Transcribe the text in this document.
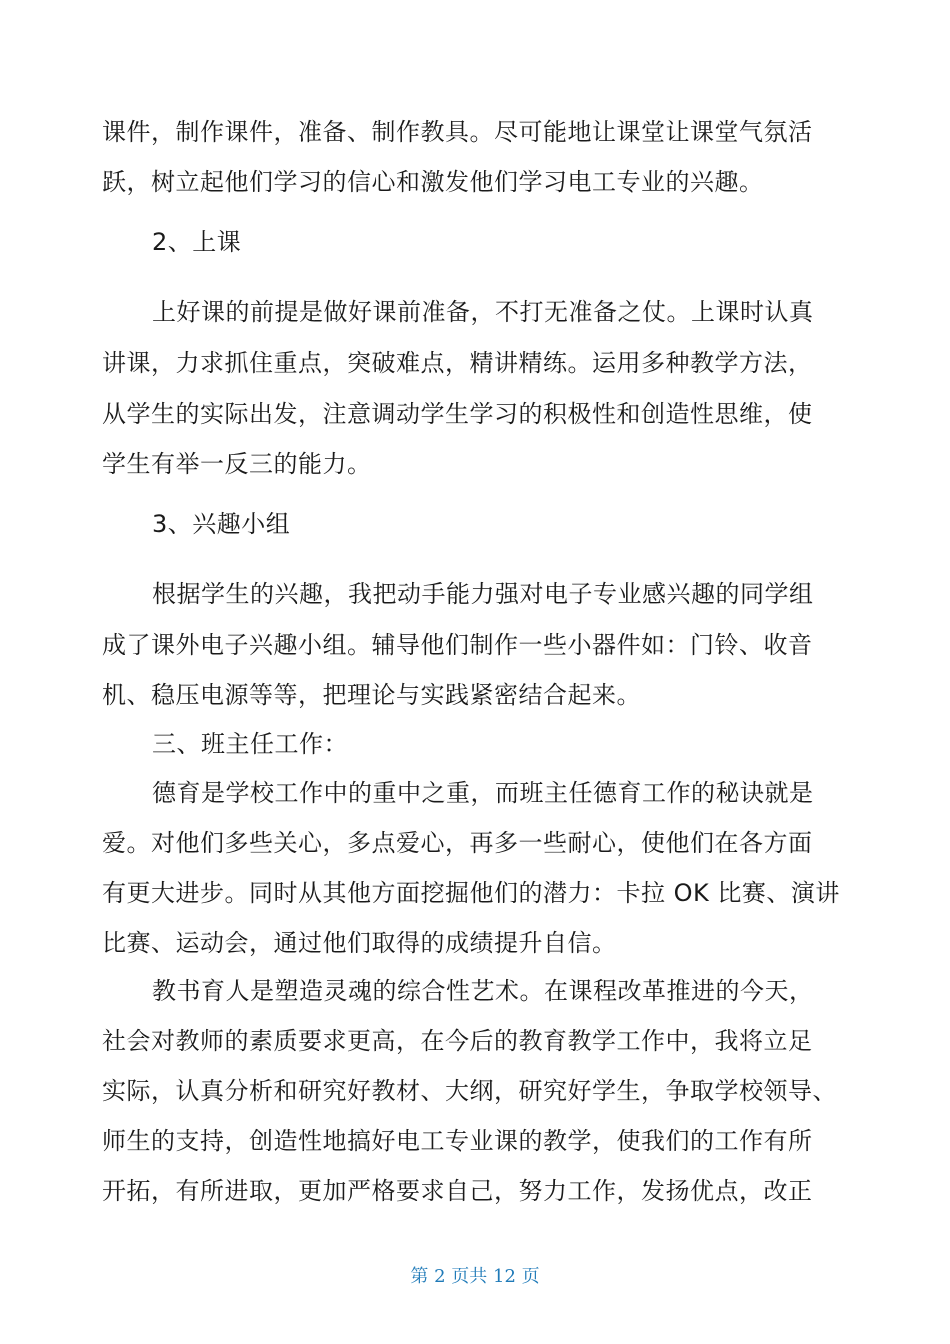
课件，制作课件，准备、制作教具。尽可能地让课堂让课堂气氛活
跃，树立起他们学习的信心和激发他们学习电工专业的兴趣。
2、上课
上好课的前提是做好课前准备，不打无准备之仗。上课时认真
讲课，力求抓住重点，突破难点，精讲精练。运用多种教学方法，
从学生的实际出发，注意调动学生学习的积极性和创造性思维，使
学生有举一反三的能力。
3、兴趣小组
根据学生的兴趣，我把动手能力强对电子专业感兴趣的同学组
成了课外电子兴趣小组。辅导他们制作一些小器件如：门铃、收音
机、稳压电源等等，把理论与实践紧密结合起来。
三、班主任工作：
德育是学校工作中的重中之重，而班主任德育工作的秘诀就是
爱。对他们多些关心，多点爱心，再多一些耐心，使他们在各方面
有更大进步。同时从其他方面挖掘他们的潜力：卡拉 OK 比赛、演讲
比赛、运动会，通过他们取得的成绩提升自信。
教书育人是塑造灵魂的综合性艺术。在课程改革推进的今天，
社会对教师的素质要求更高，在今后的教育教学工作中，我将立足
实际，认真分析和研究好教材、大纲，研究好学生，争取学校领导、
师生的支持，创造性地搞好电工专业课的教学，使我们的工作有所
开拓，有所进取，更加严格要求自己，努力工作，发扬优点，改正
第 2 页共 12 页
